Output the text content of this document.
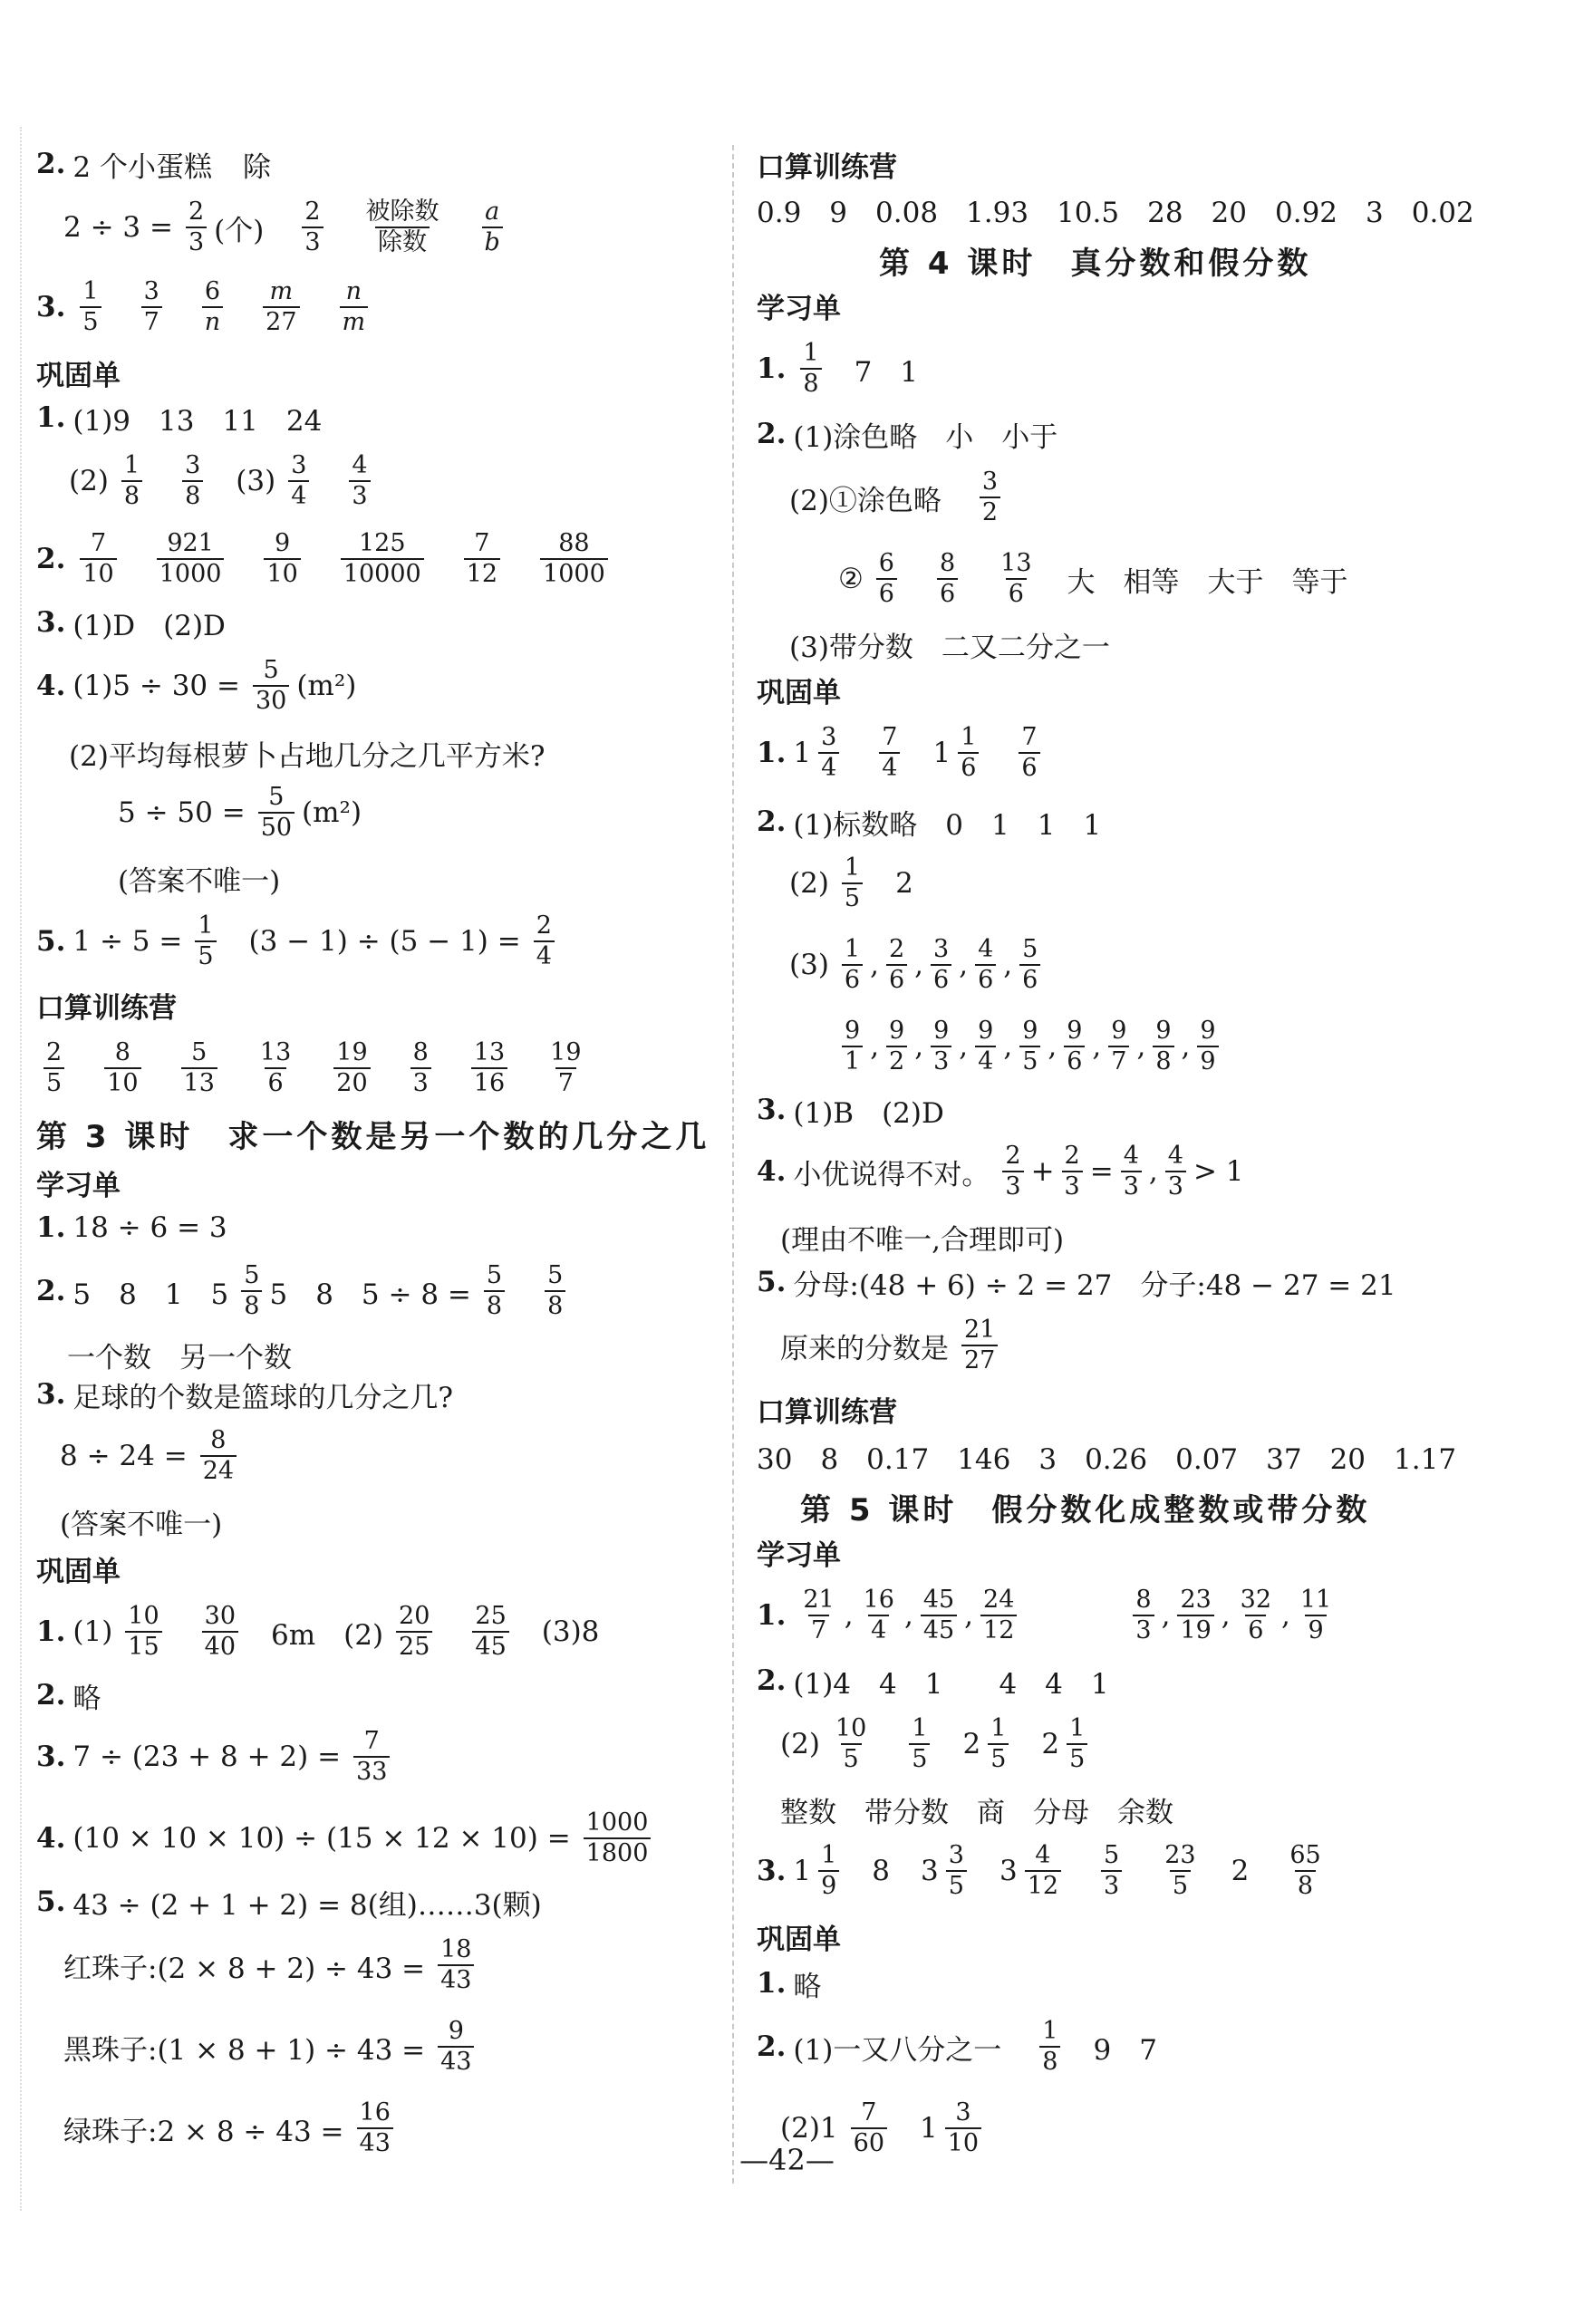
2. 2 个小蛋糕 除
$2 \div 3 = \frac{2}{3}$ (个) $\frac{2}{3} \frac{\text{被除数}}{\text{除数}} \frac{a}{b}$
3. $\frac{1}{5} \frac{3}{7} \frac{6}{n} \frac{m}{27} \frac{n}{m}$
巩固单
1. (1)9　13　11　24
$(2) \frac{1}{8} \frac{3}{8} (3) \frac{3}{4} \frac{4}{3}$
2. $\frac{7}{10} \frac{921}{1000} \frac{9}{10} \frac{125}{10000} \frac{7}{12} \frac{88}{1000}$
3. (1)D　(2)D
4. $(1)5 \div 30 = \frac{5}{30} (m^2)$
(2)平均每根萝卜占地几分之几平方米?
$5 \div 50 = \frac{5}{50} (m^2)$
(答案不唯一)
5. $1 \div 5 = \frac{1}{5} (3 - 1) \div (5 - 1) = \frac{2}{4}$
口算训练营
$\frac{2}{5} \frac{8}{10} \frac{5}{13} \frac{13}{6} \frac{19}{20} \frac{8}{3} \frac{13}{16} \frac{19}{7}$
第 3 课时　求一个数是另一个数的几分之几
学习单
1. 18 ÷ 6 = 3
2. 5　8　1　$5 \frac{5}{8} 5$　8　$5 \div 8 = \frac{5}{8} \frac{5}{8}$
一个数　另一个数
3. 足球的个数是篮球的几分之几?
$8 \div 24 = \frac{8}{24}$
(答案不唯一)
巩固单
1. $(1) \frac{10}{15} \frac{30}{40} 6m$　$(2) \frac{20}{25} \frac{25}{45} (3)8$
2. 略
3. $7 \div (23 + 8 + 2) = \frac{7}{33}$
4. $(10 \times 10 \times 10) \div (15 \times 12 \times 10) = \frac{1000}{1800}$
5. 43 ÷ (2 + 1 + 2) = 8(组)……3(颗)
红珠子:(2 × $8 + 2) \div 43 = \frac{18}{43}$
黑珠子:(1 × $8 + 1) \div 43 = \frac{9}{43}$
绿珠子:2 × $8 \div 43 = \frac{16}{43}$
口算训练营
0.9　9　0.08　1.93　10.5　28　20　0.92　3　0.02
第 4 课时　真分数和假分数
学习单
1. $\frac{1}{8} 7$　1
2. (1)涂色略　小　小于
(2)①涂色略 $\frac{3}{2}$
② $\frac{6}{6} \frac{8}{6} \frac{13}{6}$ 大　相等　大于　等于
(3)带分数　二又二分之一
巩固单
1. $1 \frac{3}{4} \frac{7}{4} 1 \frac{1}{6} \frac{7}{6}$
2. (1)标数略　0　1　1　1
$(2) \frac{1}{5} 2$
$(3) \frac{1}{6}$ , $\frac{2}{6}$ , $\frac{3}{6}$ , $\frac{4}{6}$ , $\frac{5}{6}$
$\frac{9}{1}$ , $\frac{9}{2}$ , $\frac{9}{3}$ , $\frac{9}{4}$ , $\frac{9}{5}$ , $\frac{9}{6}$ , $\frac{9}{7}$ , $\frac{9}{8}$ , $\frac{9}{9}$
3. (1)B　(2)D
4. 小优说得不对。 $\frac{2}{3} + \frac{2}{3} = \frac{4}{3}$ , $\frac{4}{3} > 1$
(理由不唯一,合理即可)
5. 分母:(48 + 6) ÷ 2 = 27　分子:48 − 27 = 21
原来的分数是 $\frac{21}{27}$
口算训练营
30　8　0.17　146　3　0.26　0.07　37　20　1.17
第 5 课时　假分数化成整数或带分数
学习单
1. $\frac{21}{7}$ , $\frac{16}{4}$ , $\frac{45}{45}$ , $\frac{24}{12}$	$\frac{8}{3}$ , $\frac{23}{19}$ , $\frac{32}{6}$ , $\frac{11}{9}$
2. (1)4　4　1　　4　4　1
$(2) \frac{10}{5} \frac{1}{5} 2 \frac{1}{5} 2 \frac{1}{5}$
整数　带分数　商　分母　余数
3. $1 \frac{1}{9} 8$ $3 \frac{3}{5} 3 \frac{4}{12} \frac{5}{3} \frac{23}{5} 2 \frac{65}{8}$
巩固单
1. 略
2. (1)一又八分之一 $\frac{1}{8} 9$　7
$(2)1 \frac{7}{60} 1 \frac{3}{10}$
—42—
